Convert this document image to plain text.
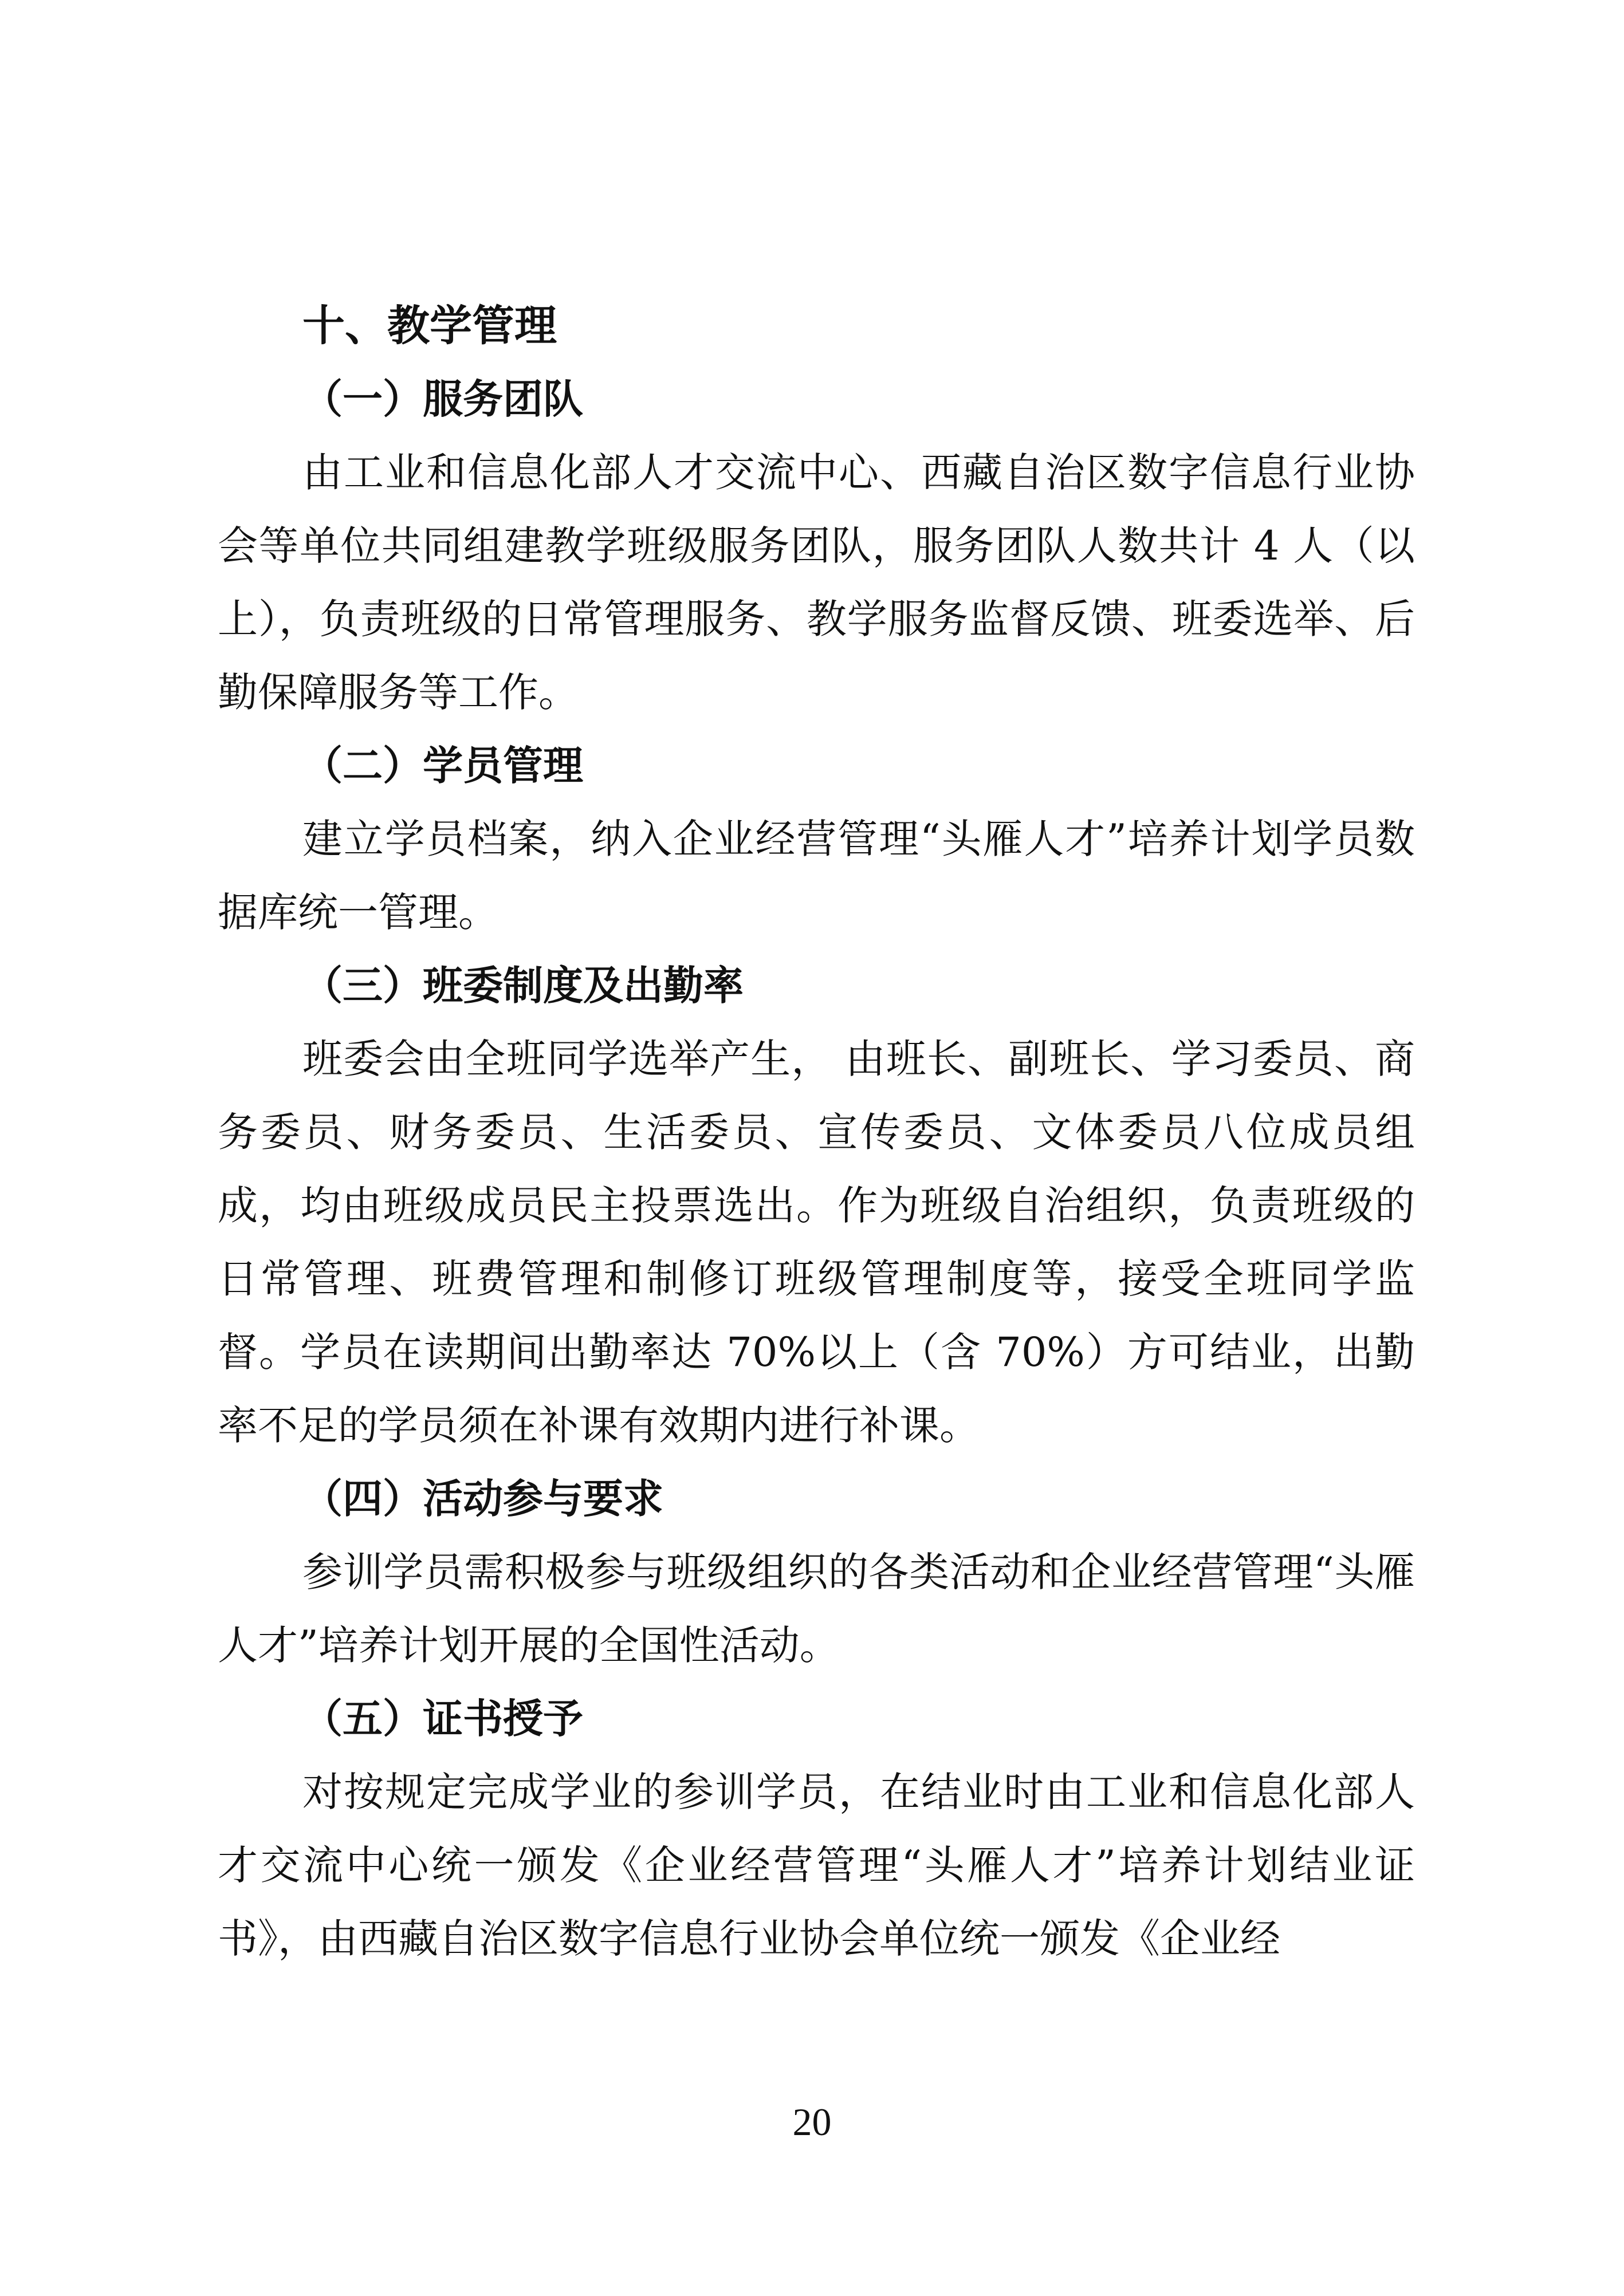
十、教学管理
（一）服务团队

由工业和信息化部人才交流中心、西藏自治区数字信息行业协会等单位共同组建教学班级服务团队，服务团队人数共计 4 人（以上），负责班级的日常管理服务、教学服务监督反馈、班委选举、后勤保障服务等工作。

（二）学员管理

建立学员档案，纳入企业经营管理“头雁人才”培养计划学员数据库统一管理。

（三）班委制度及出勤率

班委会由全班同学选举产生， 由班长、副班长、学习委员、商务委员、财务委员、生活委员、宣传委员、文体委员八位成员组成，均由班级成员民主投票选出。作为班级自治组织，负责班级的日常管理、班费管理和制修订班级管理制度等，接受全班同学监督。学员在读期间出勤率达 70%以上（含 70%）方可结业，出勤率不足的学员须在补课有效期内进行补课。

（四）活动参与要求

参训学员需积极参与班级组织的各类活动和企业经营管理“头雁人才”培养计划开展的全国性活动。

（五）证书授予

对按规定完成学业的参训学员，在结业时由工业和信息化部人才交流中心统一颁发《企业经营管理“头雁人才”培养计划结业证书》，由西藏自治区数字信息行业协会单位统一颁发《企业经

20
